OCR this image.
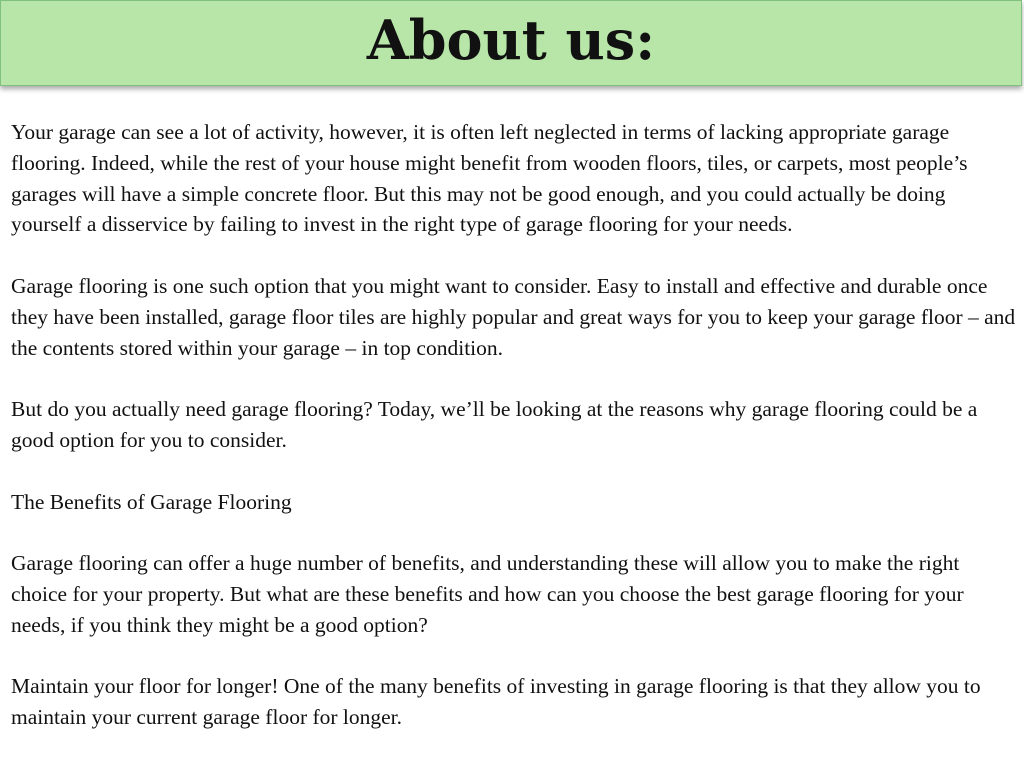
About us:

Your garage can see a lot of activity, however, it is often left neglected in terms of lacking appropriate garage flooring. Indeed, while the rest of your house might benefit from wooden floors, tiles, or carpets, most people’s garages will have a simple concrete floor. But this may not be good enough, and you could actually be doing yourself a disservice by failing to invest in the right type of garage flooring for your needs.

Garage flooring is one such option that you might want to consider. Easy to install and effective and durable once they have been installed, garage floor tiles are highly popular and great ways for you to keep your garage floor – and the contents stored within your garage – in top condition.

But do you actually need garage flooring? Today, we’ll be looking at the reasons why garage flooring could be a good option for you to consider.

The Benefits of Garage Flooring

Garage flooring can offer a huge number of benefits, and understanding these will allow you to make the right choice for your property. But what are these benefits and how can you choose the best garage flooring for your needs, if you think they might be a good option?

Maintain your floor for longer! One of the many benefits of investing in garage flooring is that they allow you to maintain your current garage floor for longer.
